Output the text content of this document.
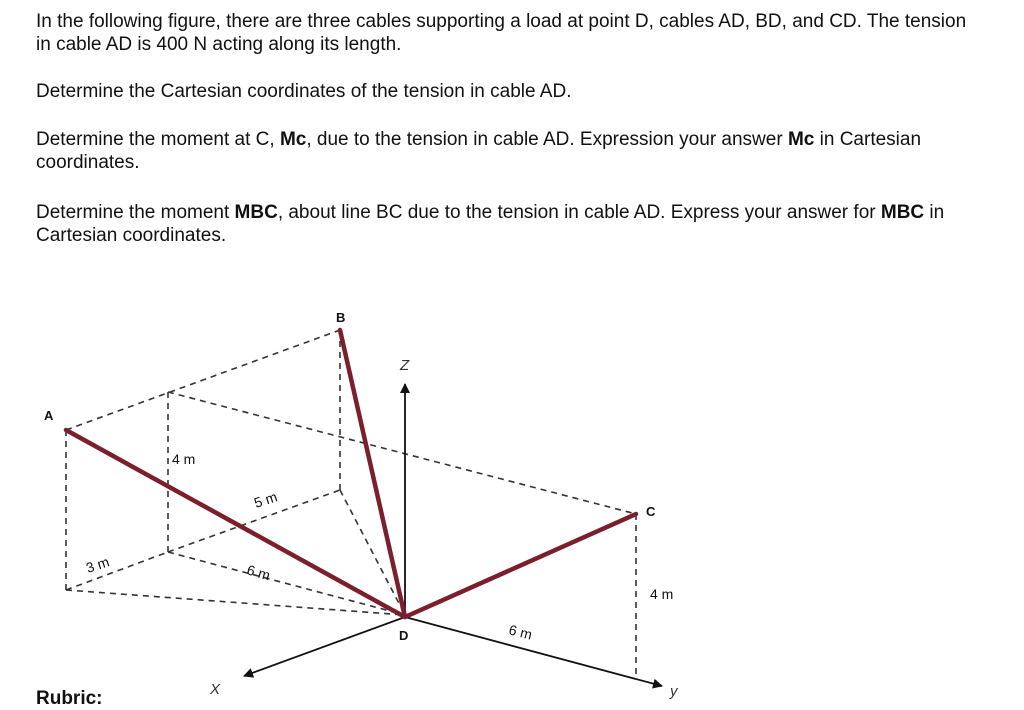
In the following figure, there are three cables supporting a load at point D, cables AD, BD, and CD. The tension in cable AD is 400 N acting along its length.

Determine the Cartesian coordinates of the tension in cable AD.

Determine the moment at C, Mc, due to the tension in cable AD. Expression your answer Mc in Cartesian coordinates.

Determine the moment MBC, about line BC due to the tension in cable AD. Express your answer for MBC in Cartesian coordinates.

A
B
C
D
Z
X	y
4 m
5 m
3 m	6 m
6 m
4 m
Rubric:
